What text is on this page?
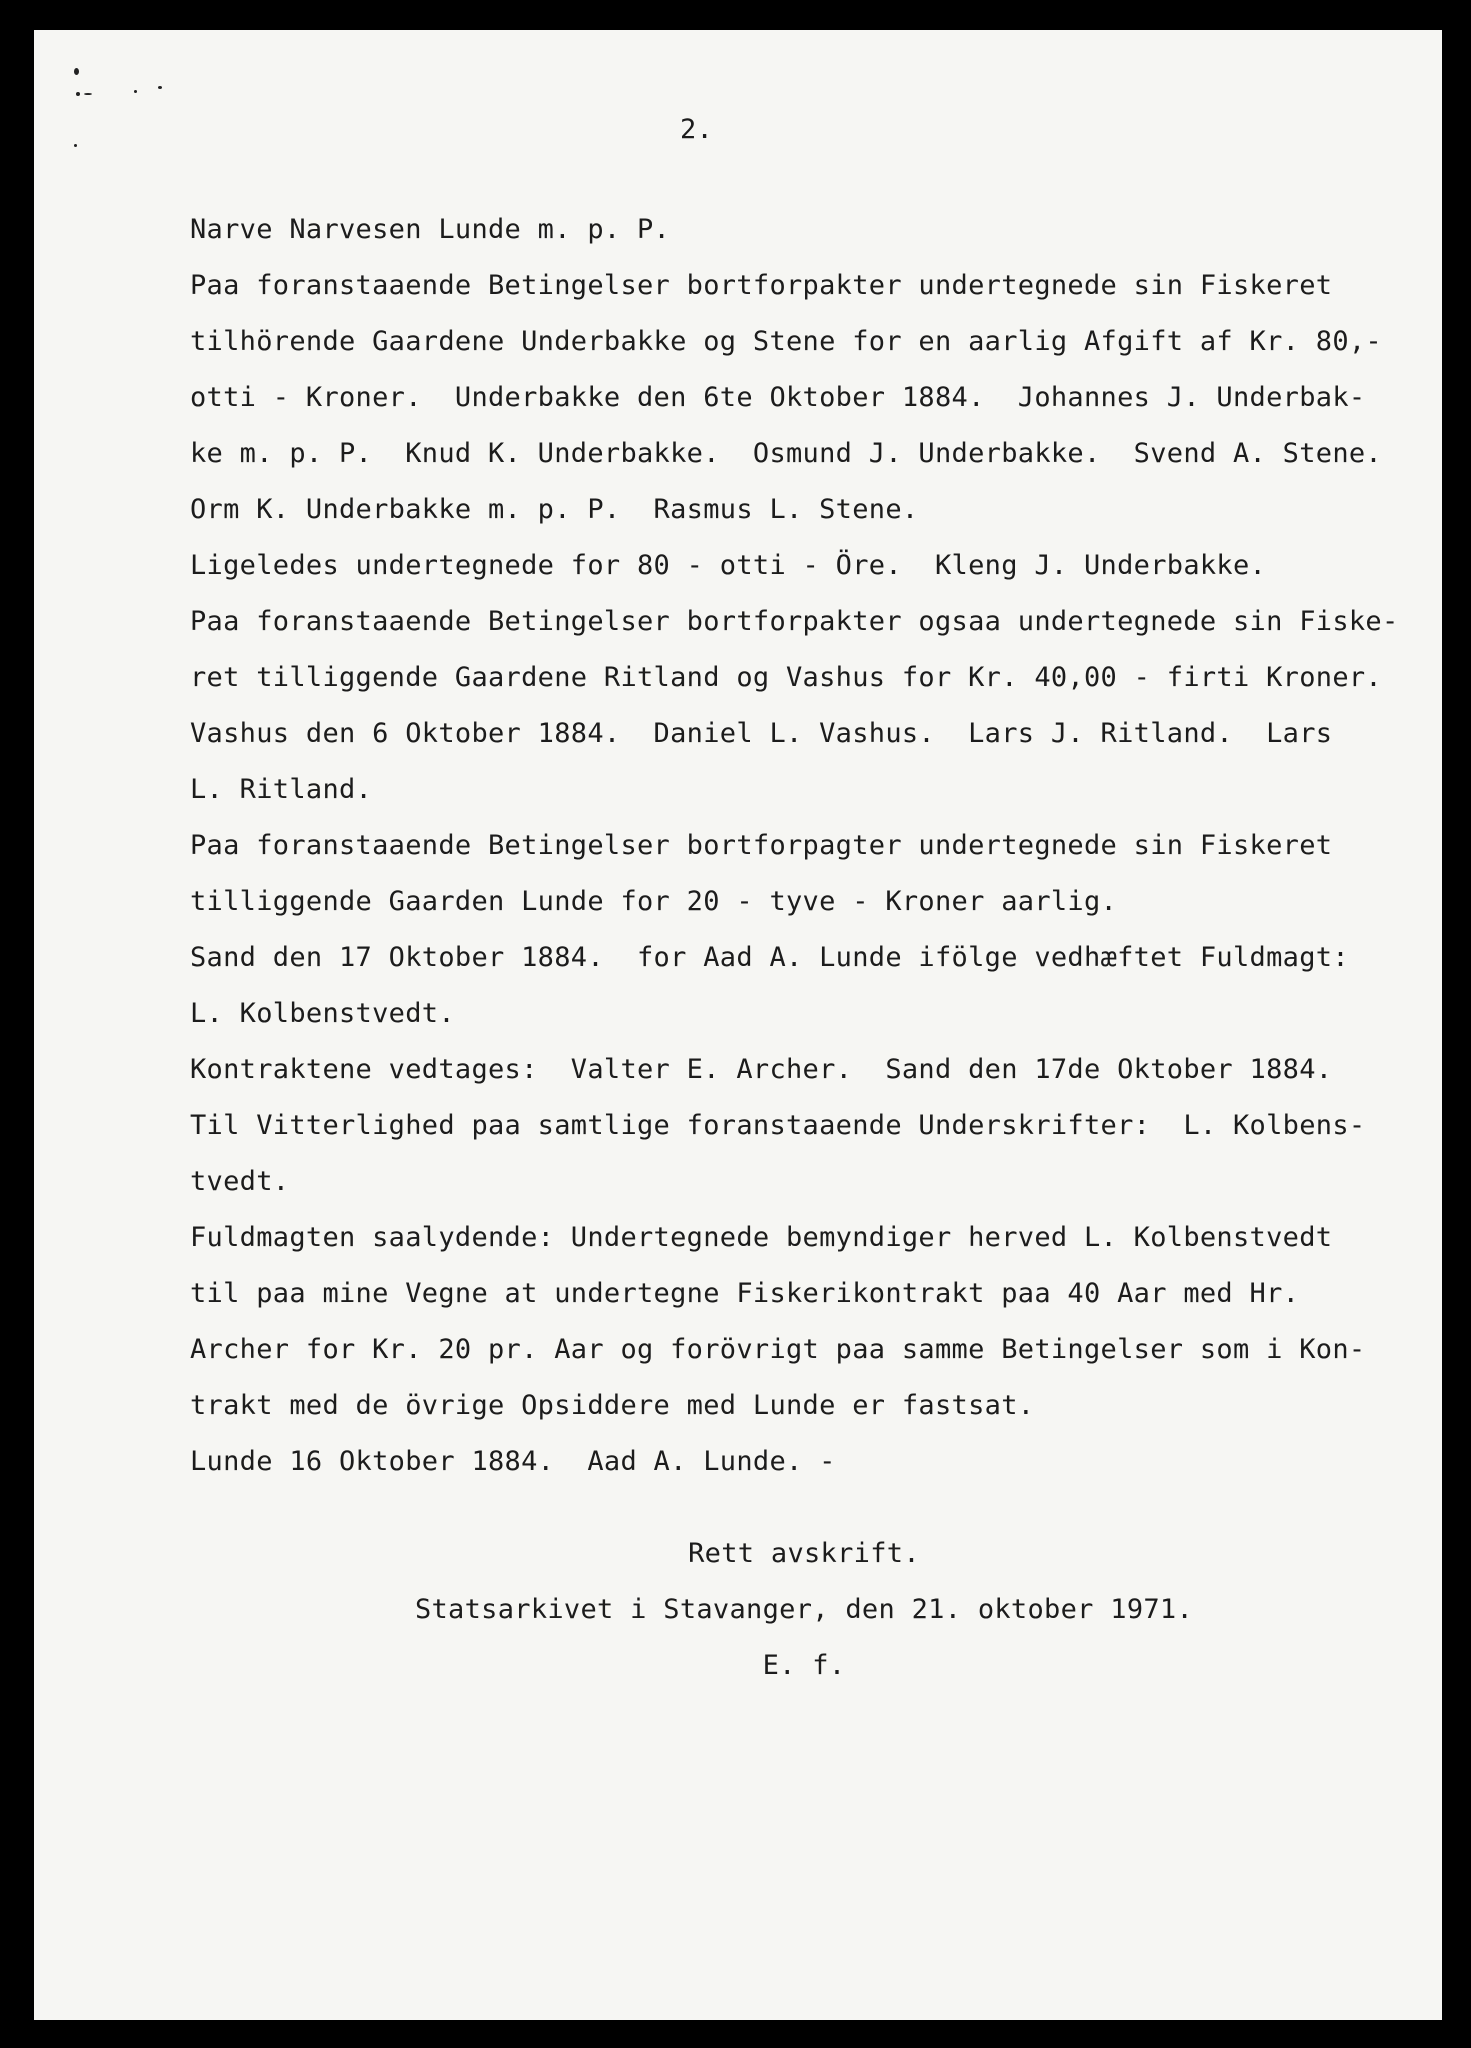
2.

Narve Narvesen Lunde m. p. P.

Paa foranstaaende Betingelser bortforpakter undertegnede sin Fiskeret

tilhörende Gaardene Underbakke og Stene for en aarlig Afgift af Kr. 80,-

otti - Kroner.  Underbakke den 6te Oktober 1884.  Johannes J. Underbak-

ke m. p. P.  Knud K. Underbakke.  Osmund J. Underbakke.  Svend A. Stene.

Orm K. Underbakke m. p. P.  Rasmus L. Stene.

Ligeledes undertegnede for 80 - otti - Öre.  Kleng J. Underbakke.

Paa foranstaaende Betingelser bortforpakter ogsaa undertegnede sin Fiske-

ret tilliggende Gaardene Ritland og Vashus for Kr. 40,00 - firti Kroner.

Vashus den 6 Oktober 1884.  Daniel L. Vashus.  Lars J. Ritland.  Lars

L. Ritland.

Paa foranstaaende Betingelser bortforpagter undertegnede sin Fiskeret

tilliggende Gaarden Lunde for 20 - tyve - Kroner aarlig.

Sand den 17 Oktober 1884.  for Aad A. Lunde ifölge vedhæftet Fuldmagt:

L. Kolbenstvedt.

Kontraktene vedtages:  Valter E. Archer.  Sand den 17de Oktober 1884.

Til Vitterlighed paa samtlige foranstaaende Underskrifter:  L. Kolbens-

tvedt.

Fuldmagten saalydende: Undertegnede bemyndiger herved L. Kolbenstvedt

til paa mine Vegne at undertegne Fiskerikontrakt paa 40 Aar med Hr.

Archer for Kr. 20 pr. Aar og forövrigt paa samme Betingelser som i Kon-

trakt med de övrige Opsiddere med Lunde er fastsat.

Lunde 16 Oktober 1884.  Aad A. Lunde. -

Rett avskrift.

Statsarkivet i Stavanger, den 21. oktober 1971.

E. f.
